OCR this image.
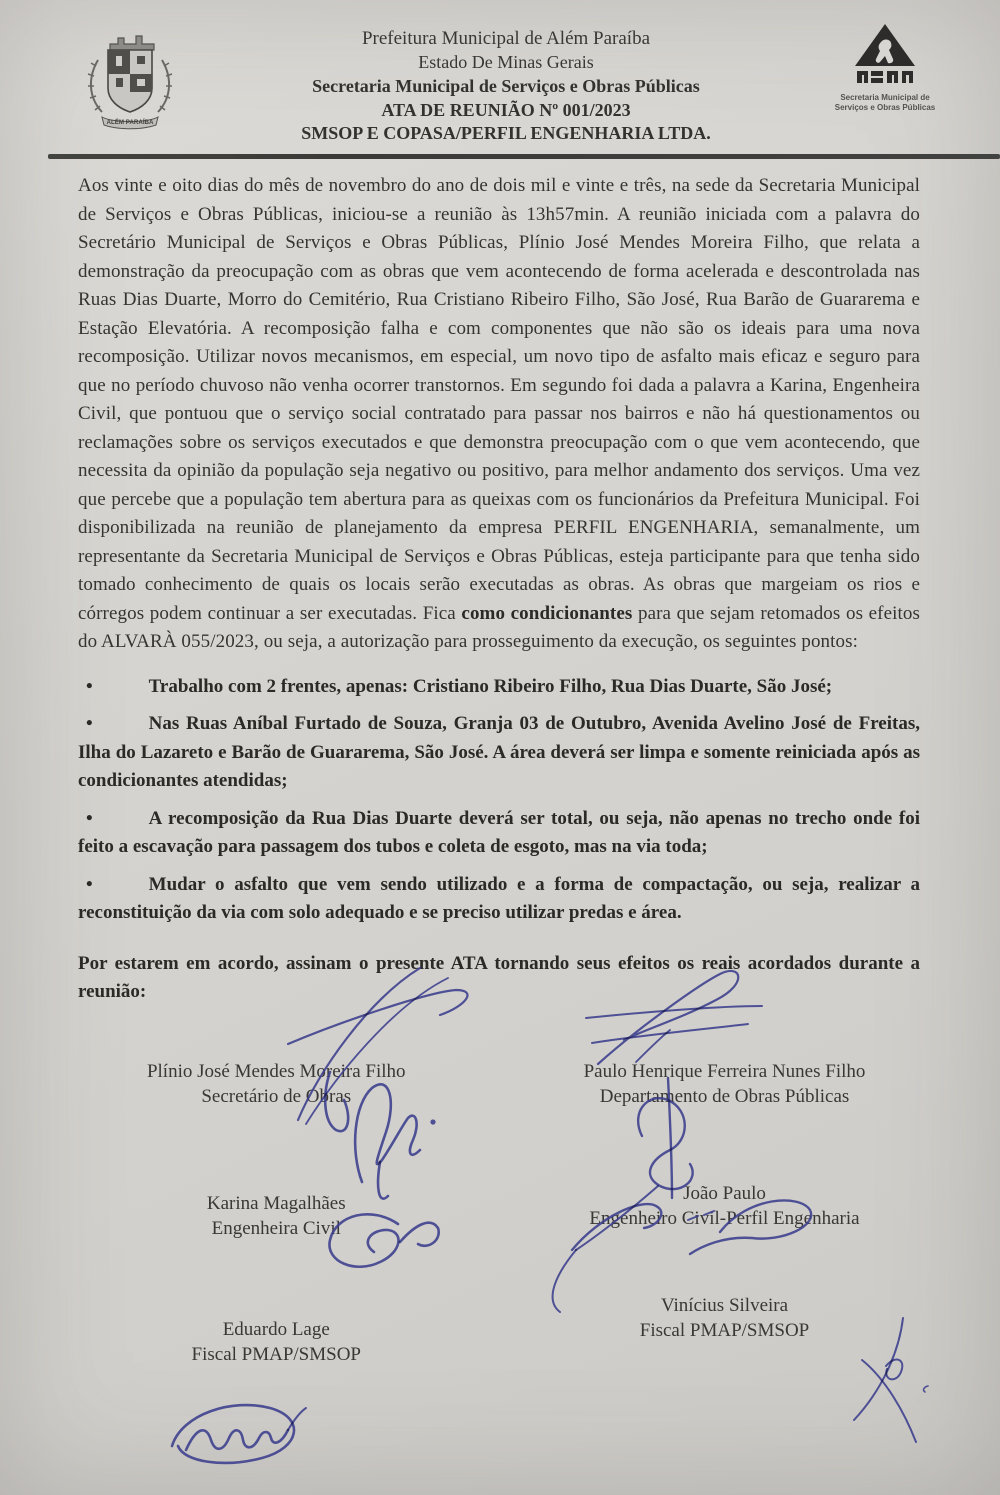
ALÉM PARAÍBA
Prefeitura Municipal de Além Paraíba
Estado De Minas Gerais
Secretaria Municipal de Serviços e Obras Públicas
ATA DE REUNIÃO Nº 001/2023
SMSOP E COPASA/PERFIL ENGENHARIA LTDA.
Secretaria Municipal de
Serviços e Obras Públicas

Aos vinte e oito dias do mês de novembro do ano de dois mil e vinte e três, na sede da Secretaria Municipal de Serviços e Obras Públicas, iniciou-se a reunião às 13h57min. A reunião iniciada com a palavra do Secretário Municipal de Serviços e Obras Públicas, Plínio José Mendes Moreira Filho, que relata a demonstração da preocupação com as obras que vem acontecendo de forma acelerada e descontrolada nas Ruas Dias Duarte, Morro do Cemitério, Rua Cristiano Ribeiro Filho, São José, Rua Barão de Guararema e Estação Elevatória. A recomposição falha e com componentes que não são os ideais para uma nova recomposição. Utilizar novos mecanismos, em especial, um novo tipo de asfalto mais eficaz e seguro para que no período chuvoso não venha ocorrer transtornos. Em segundo foi dada a palavra a Karina, Engenheira Civil, que pontuou que o serviço social contratado para passar nos bairros e não há questionamentos ou reclamações sobre os serviços executados e que demonstra preocupação com o que vem acontecendo, que necessita da opinião da população seja negativo ou positivo, para melhor andamento dos serviços. Uma vez que percebe que a população tem abertura para as queixas com os funcionários da Prefeitura Municipal. Foi disponibilizada na reunião de planejamento da empresa PERFIL ENGENHARIA, semanalmente, um representante da Secretaria Municipal de Serviços e Obras Públicas, esteja participante para que tenha sido tomado conhecimento de quais os locais serão executadas as obras. As obras que margeiam os rios e córregos podem continuar a ser executadas. Fica como condicionantes para que sejam retomados os efeitos do ALVARÀ 055/2023, ou seja, a autorização para prosseguimento da execução, os seguintes pontos:

•	Trabalho com 2 frentes, apenas: Cristiano Ribeiro Filho, Rua Dias Duarte, São José;

•	Nas Ruas Aníbal Furtado de Souza, Granja 03 de Outubro, Avenida Avelino José de Freitas, Ilha do Lazareto e Barão de Guararema, São José. A área deverá ser limpa e somente reiniciada após as condicionantes atendidas;

•	A recomposição da Rua Dias Duarte deverá ser total, ou seja, não apenas no trecho onde foi feito a escavação para passagem dos tubos e coleta de esgoto, mas na via toda;

•	Mudar o asfalto que vem sendo utilizado e a forma de compactação, ou seja, realizar a reconstituição da via com solo adequado e se preciso utilizar predas e área.

Por estarem em acordo, assinam o presente ATA tornando seus efeitos os reais acordados durante a reunião:

Plínio José Mendes Moreira Filho
Secretário de Obras
Paulo Henrique Ferreira Nunes Filho
Departamento de Obras Públicas
Karina Magalhães
Engenheira Civil
João Paulo
Engenheiro Civil-Perfil Engenharia
Eduardo Lage
Fiscal PMAP/SMSOP
Vinícius Silveira
Fiscal PMAP/SMSOP
